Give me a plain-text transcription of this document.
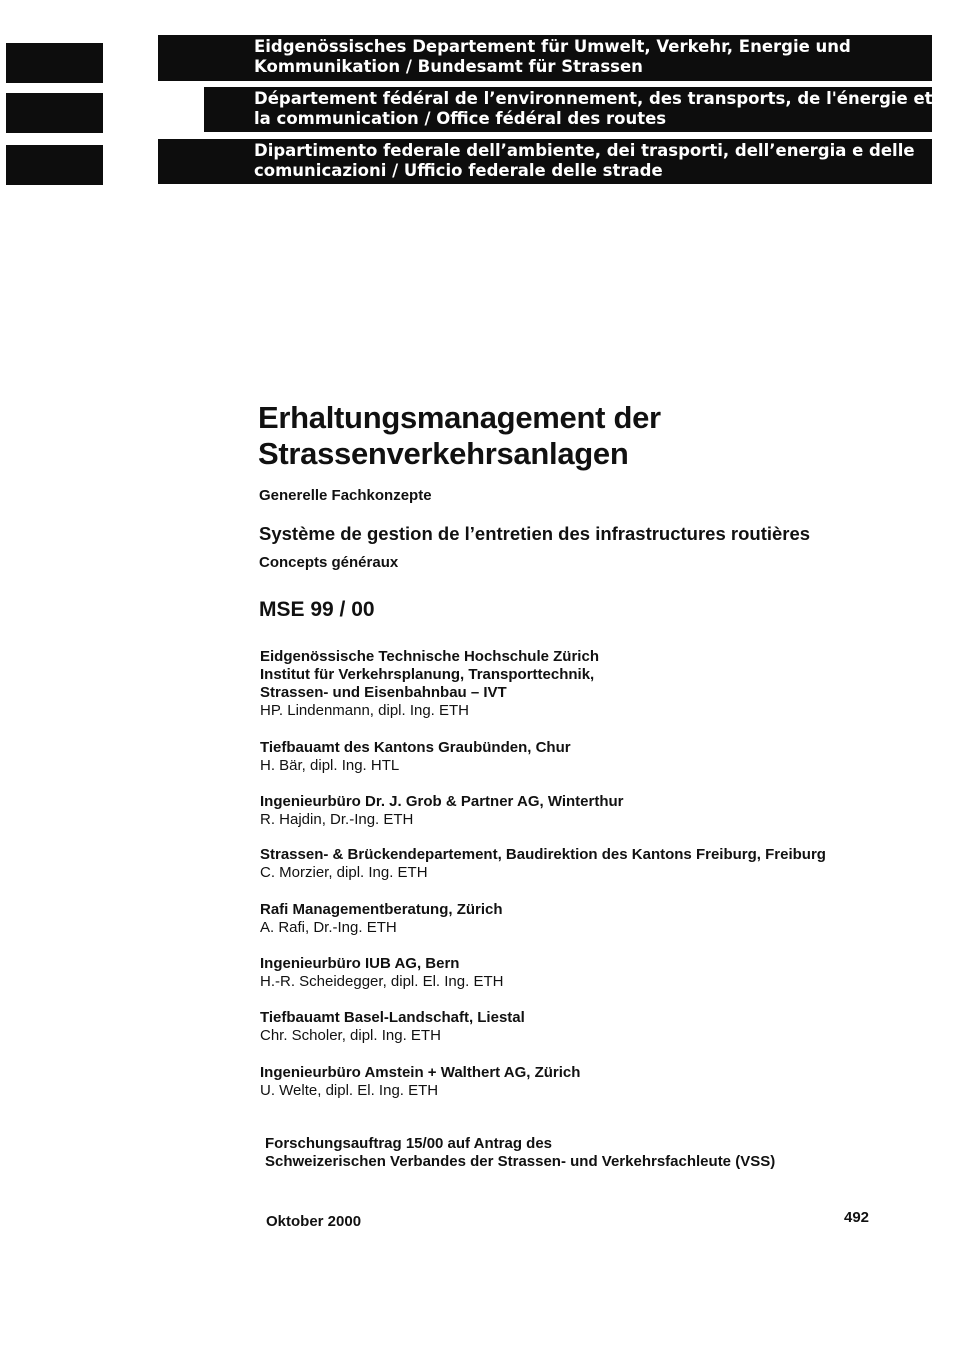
Eidgenössisches Departement für Umwelt, Verkehr, Energie und
Kommunikation / Bundesamt für Strassen
Département fédéral de l’environnement, des transports, de l'énergie et de
la communication / Office fédéral des routes
Dipartimento federale dell’ambiente, dei trasporti, dell’energia e delle
comunicazioni / Ufficio federale delle strade
Erhaltungsmanagement der
Strassenverkehrsanlagen
Generelle Fachkonzepte
Système de gestion de l’entretien des infrastructures routières
Concepts généraux
MSE 99 / 00
Eidgenössische Technische Hochschule Zürich
Institut für Verkehrsplanung, Transporttechnik,
Strassen- und Eisenbahnbau – IVT
HP. Lindenmann, dipl. Ing. ETH
Tiefbauamt des Kantons Graubünden, Chur
H. Bär, dipl. Ing. HTL
Ingenieurbüro Dr. J. Grob & Partner AG, Winterthur
R. Hajdin, Dr.-Ing. ETH
Strassen- & Brückendepartement, Baudirektion des Kantons Freiburg, Freiburg
C. Morzier, dipl. Ing. ETH
Rafi Managementberatung, Zürich
A. Rafi, Dr.-Ing. ETH
Ingenieurbüro IUB AG, Bern
H.-R. Scheidegger, dipl. El. Ing. ETH
Tiefbauamt Basel-Landschaft, Liestal
Chr. Scholer, dipl. Ing. ETH
Ingenieurbüro Amstein + Walthert AG, Zürich
U. Welte, dipl. El. Ing. ETH
Forschungsauftrag 15/00 auf Antrag des
Schweizerischen Verbandes der Strassen- und Verkehrsfachleute (VSS)
Oktober 2000	492
